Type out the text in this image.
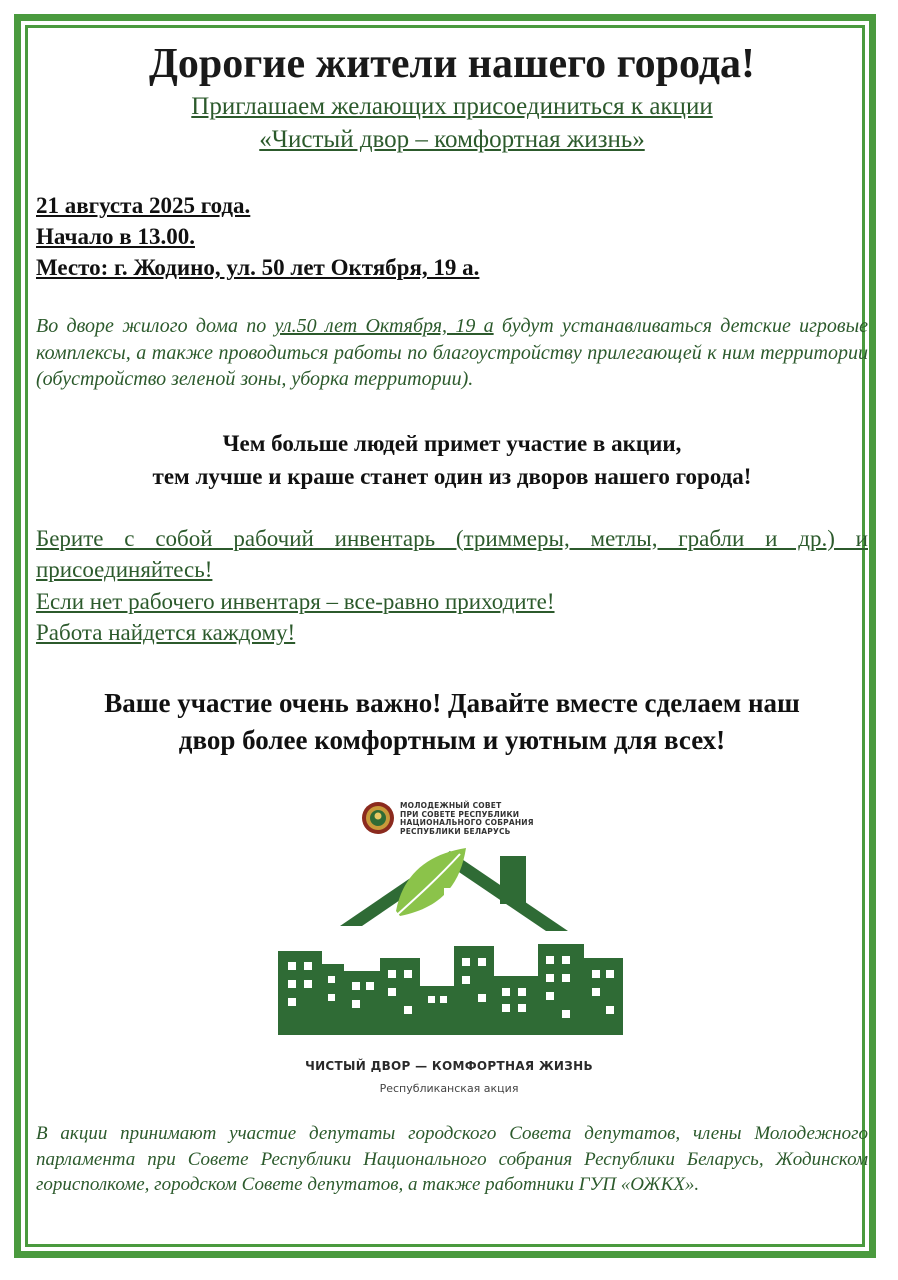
Дорогие жители нашего города!

Приглашаем желающих присоединиться к акции

«Чистый двор – комфортная жизнь»

21 августа 2025 года.

Начало в 13.00.

Место: г. Жодино, ул. 50 лет Октября, 19 а.

Во дворе жилого дома по ул.50 лет Октября, 19 а будут устанавливаться детские игровые комплексы, а также проводиться работы по благоустройству прилегающей к ним территории (обустройство зеленой зоны, уборка территории).
Чем больше людей примет участие в акции,
тем лучше и краше станет один из дворов нашего города!
Берите с собой рабочий инвентарь (триммеры, метлы, грабли и др.) и присоединяйтесь!
Если нет рабочего инвентаря – все-равно приходите!
Работа найдется каждому!
Ваше участие очень важно! Давайте вместе сделаем наш
двор более комфортным и уютным для всех!
МОЛОДЕЖНЫЙ СОВЕТ
ПРИ СОВЕТЕ РЕСПУБЛИКИ
НАЦИОНАЛЬНОГО СОБРАНИЯ
РЕСПУБЛИКИ БЕЛАРУСЬ
ЧИСТЫЙ ДВОР — КОМФОРТНАЯ ЖИЗНЬ
Республиканская акция
В акции принимают участие депутаты городского Совета депутатов, члены Молодежного парламента при Совете Республики Национального собрания Республики Беларусь, Жодинском горисполкоме, городском Совете депутатов, а также работники ГУП «ОЖКХ».
